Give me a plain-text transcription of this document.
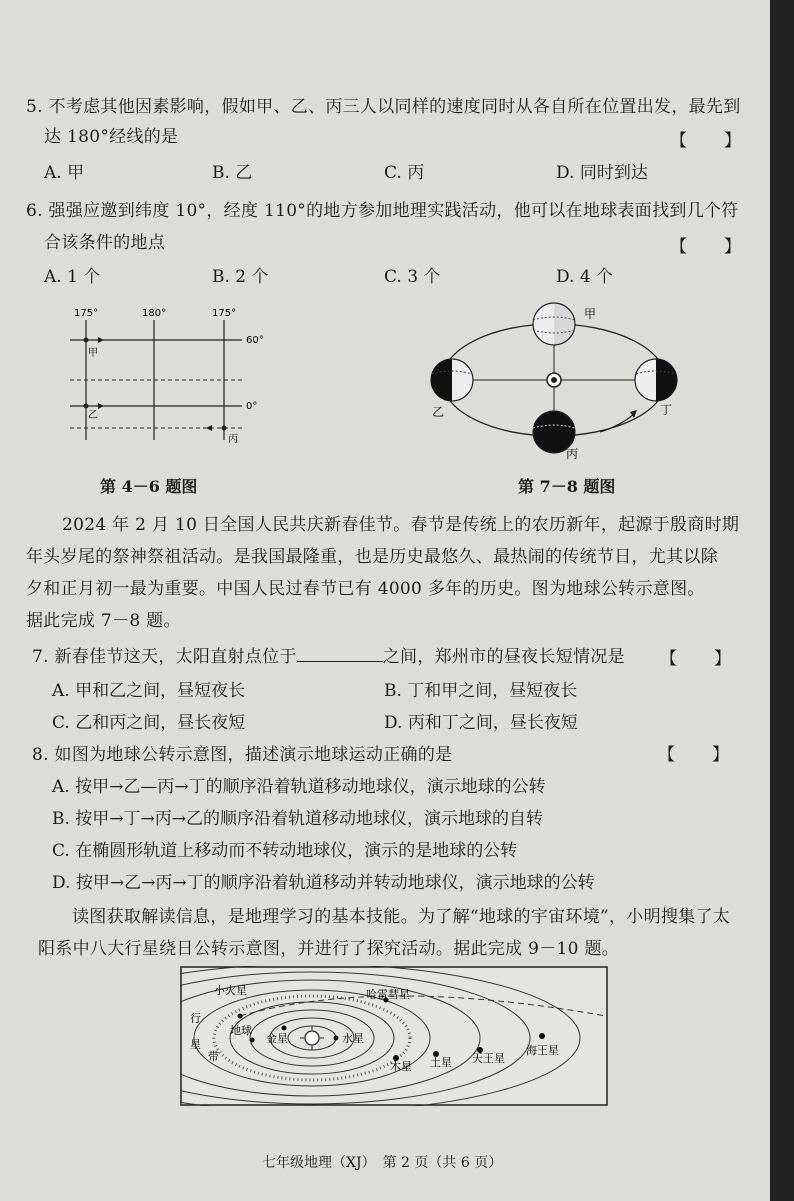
5. 不考虑其他因素影响，假如甲、乙、丙三人以同样的速度同时从各自所在位置出发，最先到
达 180°经线的是	【　】
A. 甲	B. 乙	C. 丙	D. 同时到达
6. 强强应邀到纬度 10°，经度 110°的地方参加地理实践活动，他可以在地球表面找到几个符
合该条件的地点	【　】
A. 1 个	B. 2 个	C. 3 个	D. 4 个
175°	180°	175°
60°
0°
甲
乙
丙
第 4－6 题图
甲
乙
丙
丁
第 7－8 题图
2024 年 2 月 10 日全国人民共庆新春佳节。春节是传统上的农历新年，起源于殷商时期
年头岁尾的祭神祭祖活动。是我国最隆重，也是历史最悠久、最热闹的传统节日，尤其以除
夕和正月初一最为重要。中国人民过春节已有 4000 多年的历史。图为地球公转示意图。
据此完成 7－8 题。
7. 新春佳节这天，太阳直射点位于	之间，郑州市的昼夜长短情况是 【　】
A. 甲和乙之间，昼短夜长	B. 丁和甲之间，昼短夜长
C. 乙和丙之间，昼长夜短	D. 丙和丁之间，昼长夜短
8. 如图为地球公转示意图，描述演示地球运动正确的是	【　】
A. 按甲→乙—丙→丁的顺序沿着轨道移动地球仪，演示地球的公转
B. 按甲→丁→丙→乙的顺序沿着轨道移动地球仪，演示地球的自转
C. 在椭圆形轨道上移动而不转动地球仪，演示的是地球的公转
D. 按甲→乙→丙→丁的顺序沿着轨道移动并转动地球仪，演示地球的公转
读图获取解读信息，是地理学习的基本技能。为了解“地球的宇宙环境”，小明搜集了太
阳系中八大行星绕日公转示意图，并进行了探究活动。据此完成 9－10 题。
小火星	哈雷彗星
行
星
带
地球
金星	水星
木星 土星 天王星
海王星
七年级地理（XJ）　第 2 页（共 6 页）
